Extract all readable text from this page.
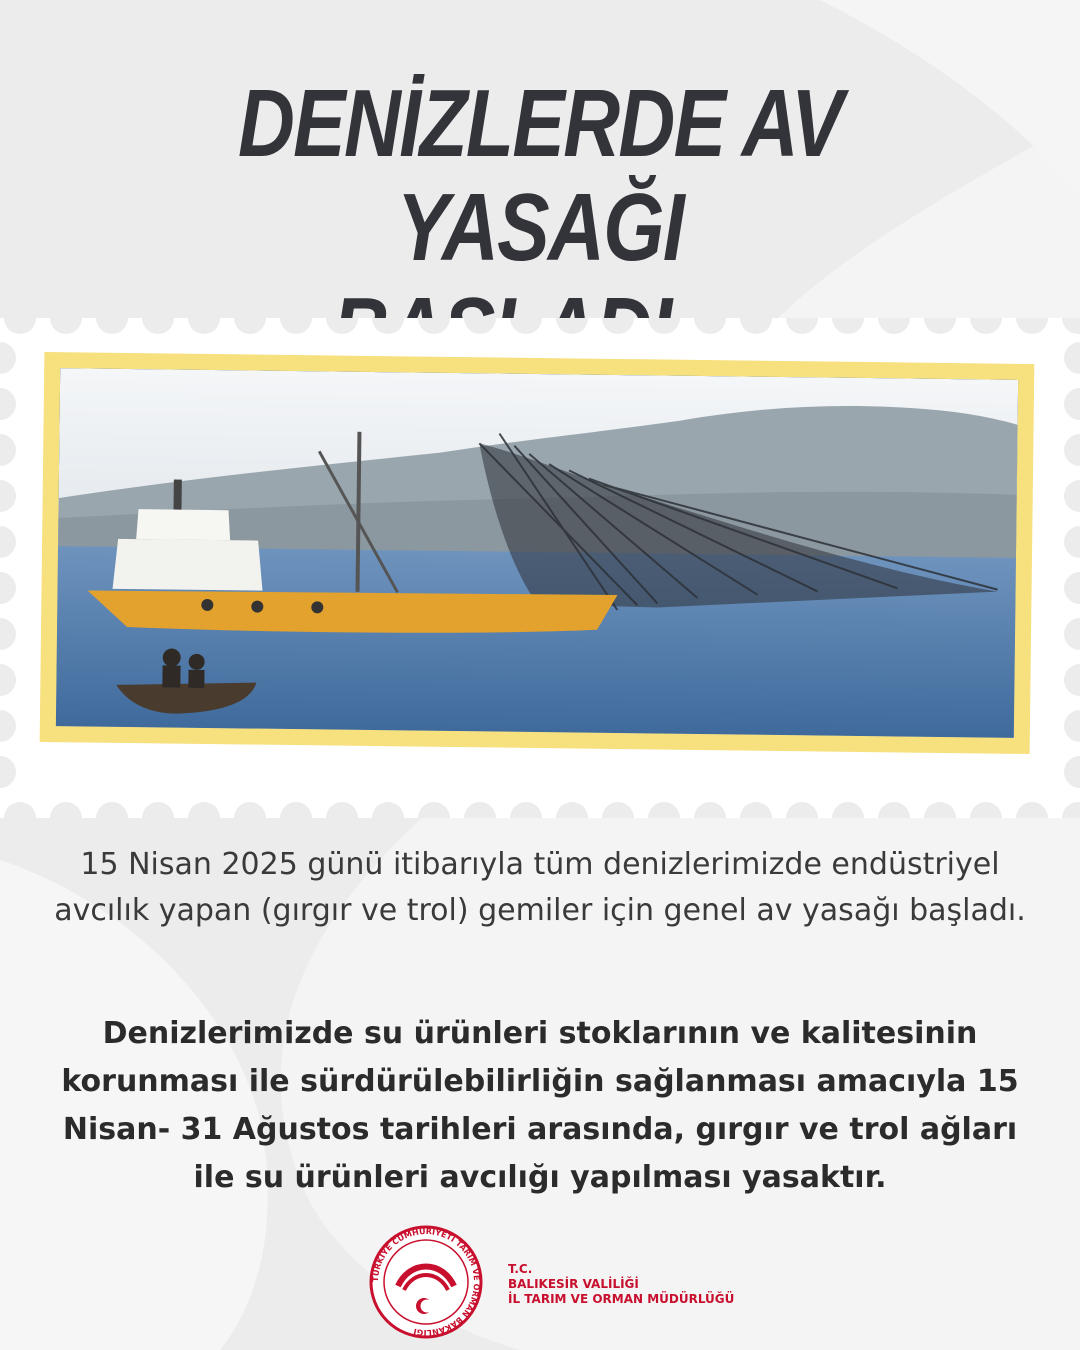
DENİZLERDE AV YASAĞI
15 Nisan 2025 günü itibarıyla tüm denizlerimizde endüstriyel avcılık yapan (gırgır ve trol) gemiler için genel av yasağı başladı.
Denizlerimizde su ürünleri stoklarının ve kalitesinin korunması ile sürdürülebilirliğin sağlanması amacıyla 15 Nisan- 31 Ağustos tarihleri arasında, gırgır ve trol ağları ile su ürünleri avcılığı yapılması yasaktır.
TÜRKİYE CUMHURİYETİ TARIM VE ORMAN BAKANLIĞI
T.C.
BALIKESİR VALİLİĞİ
İL TARIM VE ORMAN MÜDÜRLÜĞÜ
